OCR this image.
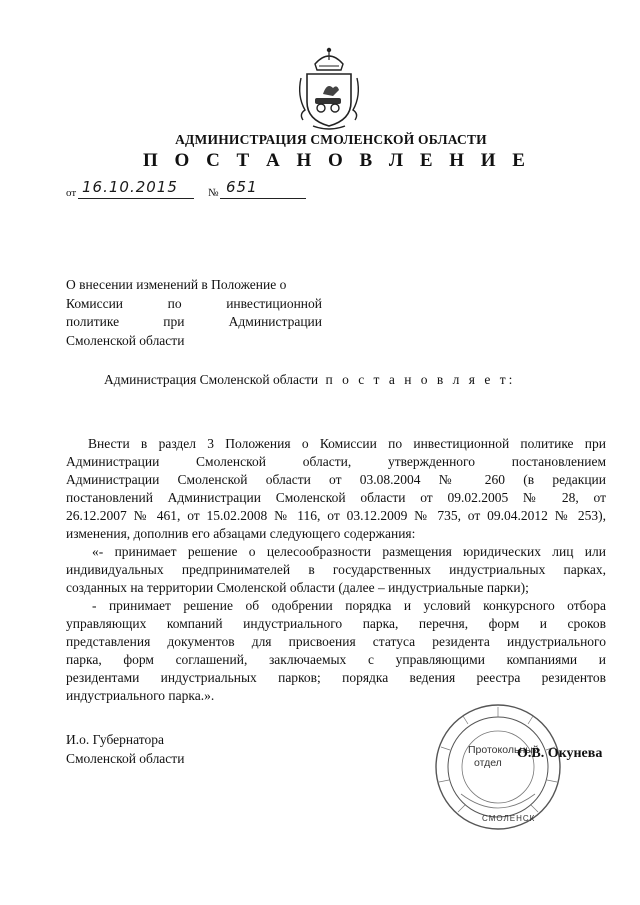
АДМИНИСТРАЦИЯ СМОЛЕНСКОЙ ОБЛАСТИ
П О С Т А Н О В Л Е Н И Е
от 16.10.2015	№ 651
О внесении изменений в Положение о
Комиссии по инвестиционной
политике при Администрации
Смоленской области
Администрация Смоленской области п о с т а н о в л я е т:
Внести в раздел 3 Положения о Комиссии по инвестиционной политике при
Администрации Смоленской области, утвержденного постановлением
Администрации Смоленской области от 03.08.2004 № 260 (в редакции
постановлений Администрации Смоленской области от 09.02.2005 № 28, от
26.12.2007 № 461, от 15.02.2008 № 116, от 03.12.2009 № 735, от 09.04.2012 № 253),
изменения, дополнив его абзацами следующего содержания:
«- принимает решение о целесообразности размещения юридических лиц или
индивидуальных предпринимателей в государственных индустриальных парках,
созданных на территории Смоленской области (далее – индустриальные парки);
- принимает решение об одобрении порядка и условий конкурсного отбора
управляющих компаний индустриального парка, перечня, форм и сроков
представления документов для присвоения статуса резидента индустриального
парка, форм соглашений, заключаемых с управляющими компаниями и
резидентами индустриальных парков; порядка ведения реестра резидентов
индустриального парка.».
И.о. Губернатора
Смоленской области
Протокольный
отдел
СМОЛЕНСК
О.В. Окунева
